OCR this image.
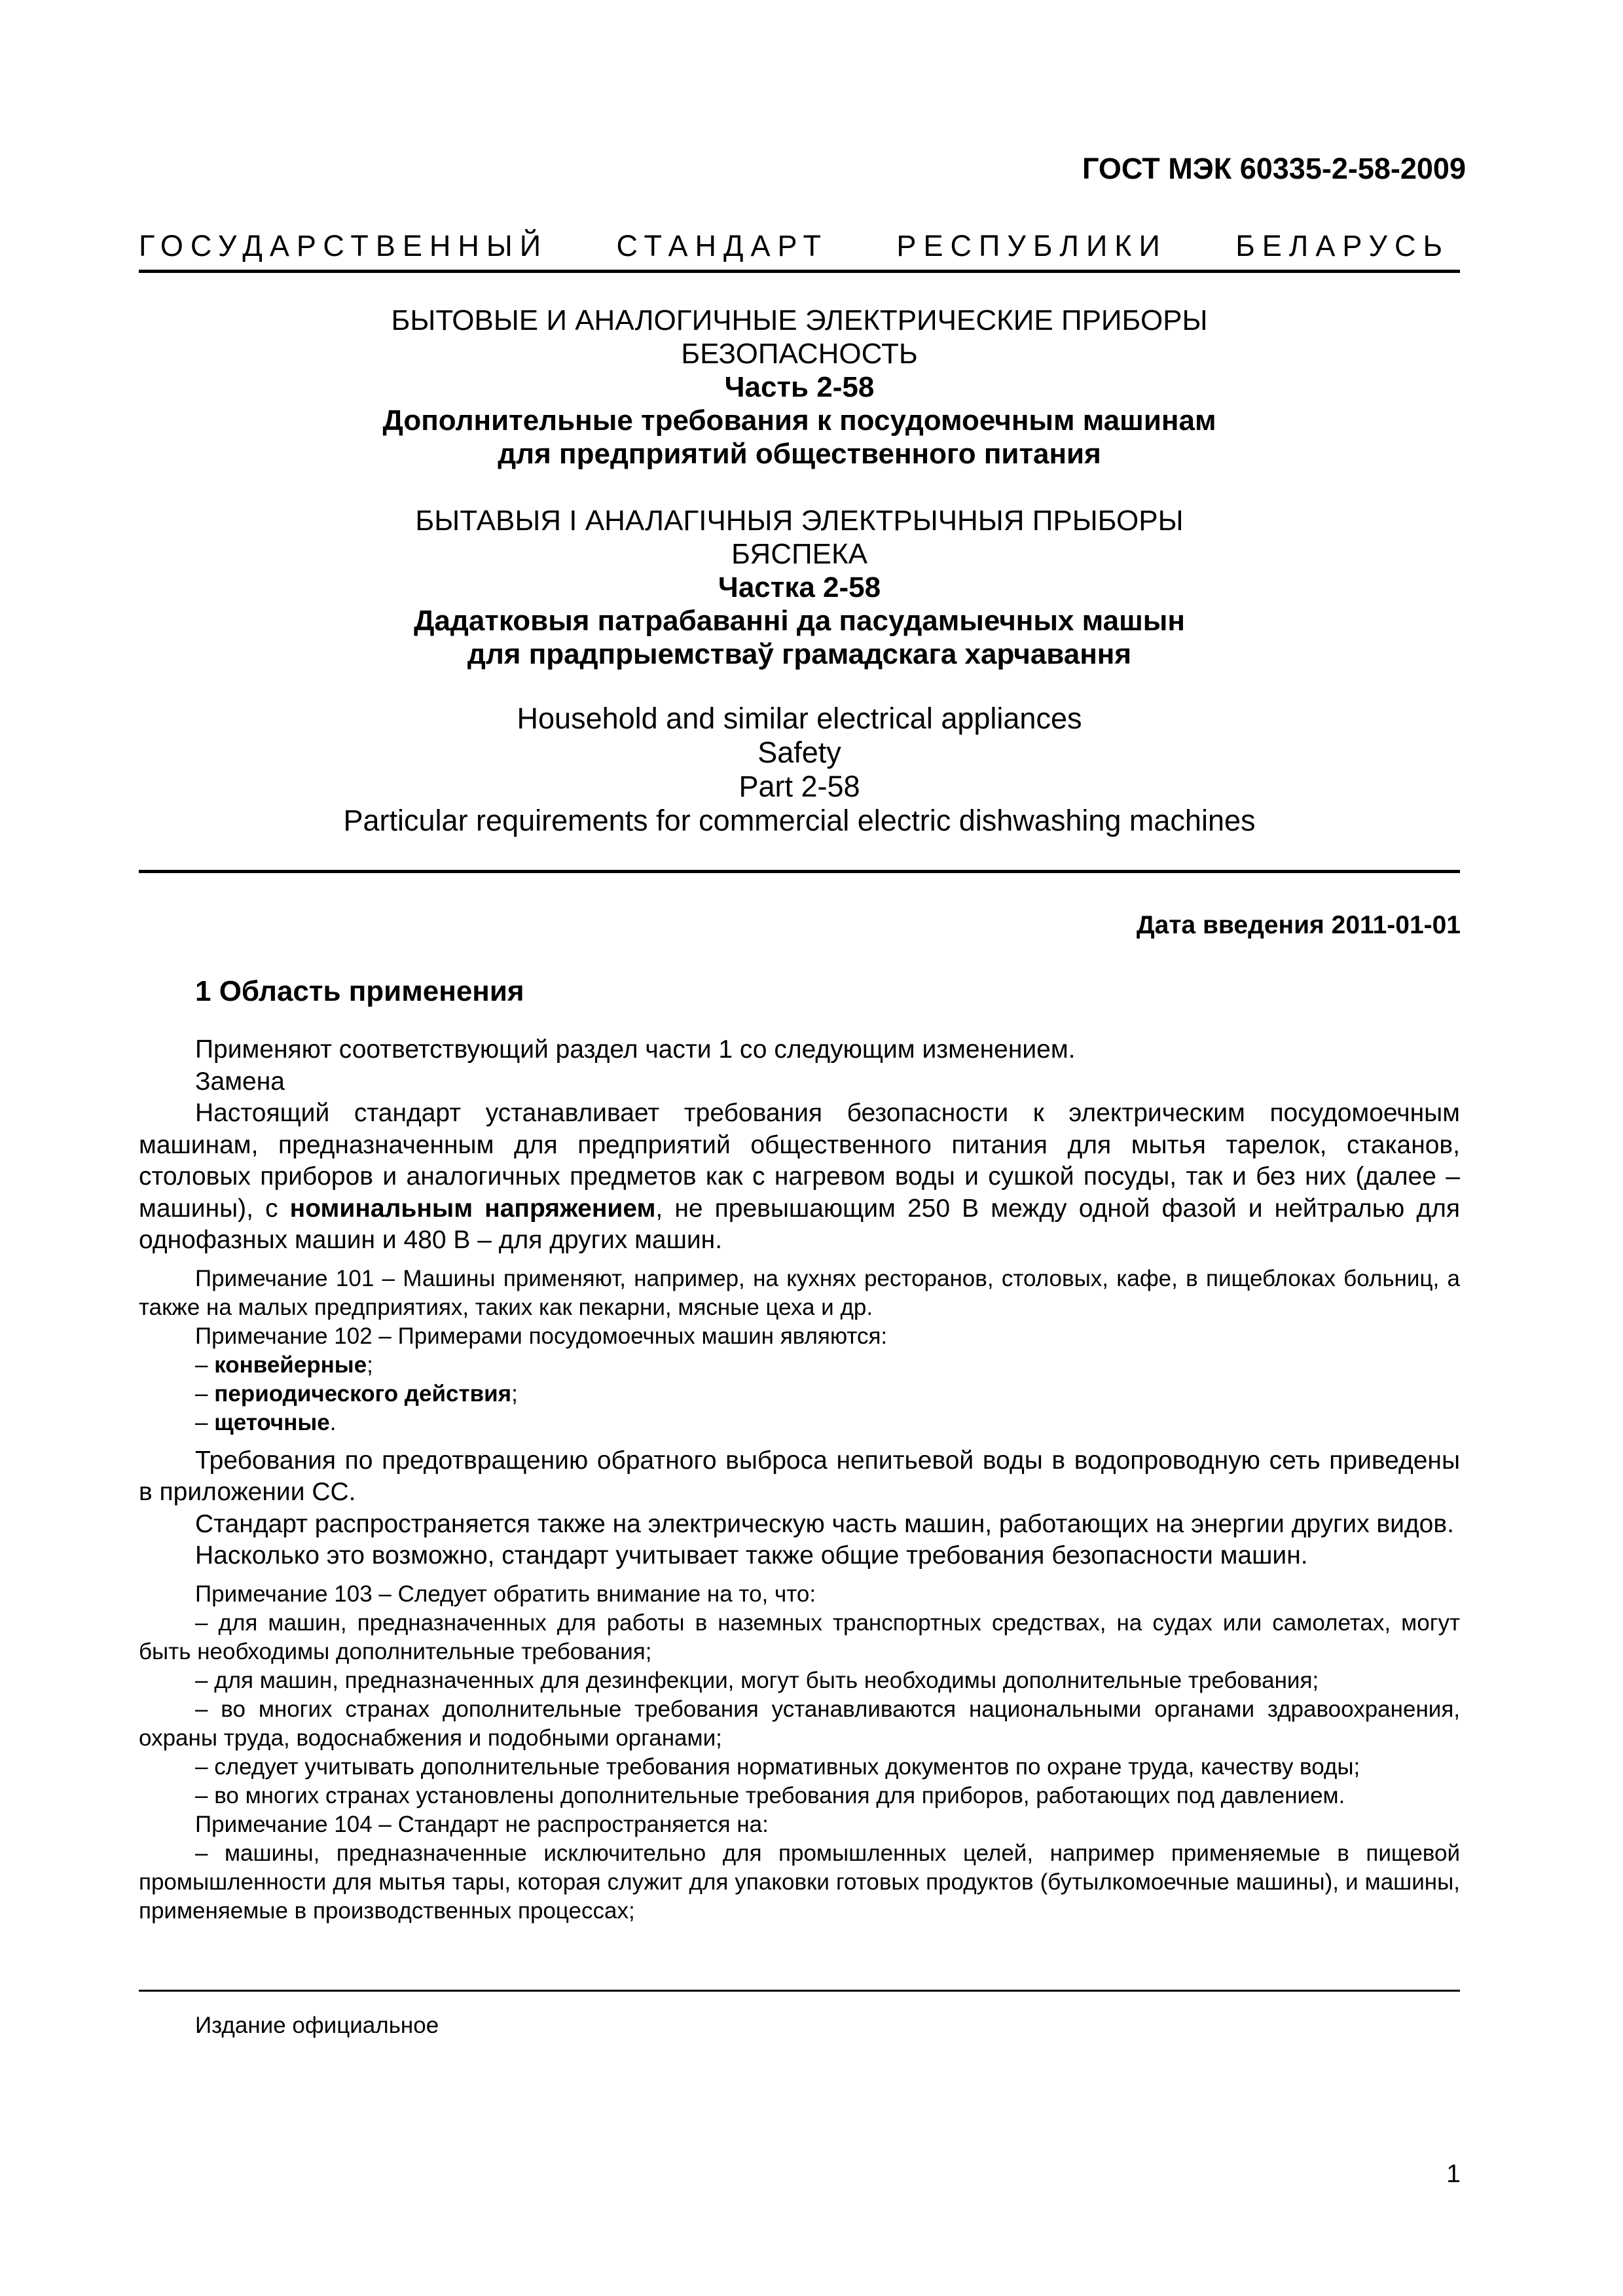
ГОСТ МЭК 60335-2-58-2009
ГОСУДАРСТВЕННЫЙ СТАНДАРТ РЕСПУБЛИКИ БЕЛАРУСЬ
БЫТОВЫЕ И АНАЛОГИЧНЫЕ ЭЛЕКТРИЧЕСКИЕ ПРИБОРЫ
БЕЗОПАСНОСТЬ
Часть 2-58
Дополнительные требования к посудомоечным машинам
для предприятий общественного питания
БЫТАВЫЯ І АНАЛАГІЧНЫЯ ЭЛЕКТРЫЧНЫЯ ПРЫБОРЫ
БЯСПЕКА
Частка 2-58
Дадатковыя патрабаванні да пасудамыечных машын
для прадпрыемстваў грамадскага харчавання
Household and similar electrical appliances
Safety
Part 2-58
Particular requirements for commercial electric dishwashing machines
Дата введения 2011-01-01
1 Область применения

Применяют соответствующий раздел части 1 со следующим изменением.

Замена

Настоящий стандарт устанавливает требования безопасности к электрическим посудомоечным машинам, предназначенным для предприятий общественного питания для мытья тарелок, стаканов, столовых приборов и аналогичных предметов как с нагревом воды и сушкой посуды, так и без них (далее – машины), с номинальным напряжением, не превышающим 250 В между одной фазой и нейтралью для однофазных машин и 480 В – для других машин.

Примечание 101 – Машины применяют, например, на кухнях ресторанов, столовых, кафе, в пищеблоках больниц, а также на малых предприятиях, таких как пекарни, мясные цеха и др.

Примечание 102 – Примерами посудомоечных машин являются:

– конвейерные;

– периодического действия;

– щеточные.

Требования по предотвращению обратного выброса непитьевой воды в водопроводную сеть приведены в приложении СС.

Стандарт распространяется также на электрическую часть машин, работающих на энергии других видов.

Насколько это возможно, стандарт учитывает также общие требования безопасности машин.

Примечание 103 – Следует обратить внимание на то, что:

– для машин, предназначенных для работы в наземных транспортных средствах, на судах или самолетах, могут быть необходимы дополнительные требования;

– для машин, предназначенных для дезинфекции, могут быть необходимы дополнительные требования;

– во многих странах дополнительные требования устанавливаются национальными органами здравоохранения, охраны труда, водоснабжения и подобными органами;

– следует учитывать дополнительные требования нормативных документов по охране труда, качеству воды;

– во многих странах установлены дополнительные требования для приборов, работающих под давлением.

Примечание 104 – Стандарт не распространяется на:

– машины, предназначенные исключительно для промышленных целей, например применяемые в пищевой промышленности для мытья тары, которая служит для упаковки готовых продуктов (бутылкомоечные машины), и машины, применяемые в производственных процессах;

Издание официальное
1
